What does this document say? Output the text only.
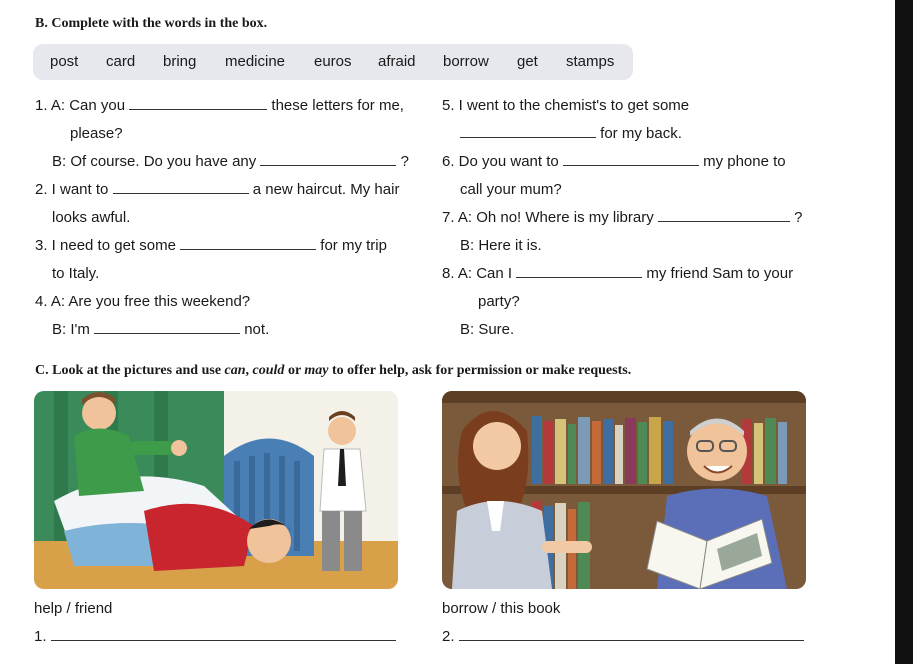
B. Complete with the words in the box.
post card bring medicine euros afraid borrow get stamps
1. A: Can you	these letters for me,
please?
B: Of course. Do you have any	?
2. I want to	a new haircut. My hair
looks awful.
3. I need to get some	for my trip
to Italy.
4. A: Are you free this weekend?
B: I'm	not.
5. I went to the chemist's to get some
for my back.
6. Do you want to	my phone to
call your mum?
7. A: Oh no! Where is my library	?
B: Here it is.
8. A: Can I	my friend Sam to your
party?
B: Sure.
C. Look at the pictures and use can, could or may to offer help, ask for permission or make requests.
help / friend	borrow / this book
1.	2.
